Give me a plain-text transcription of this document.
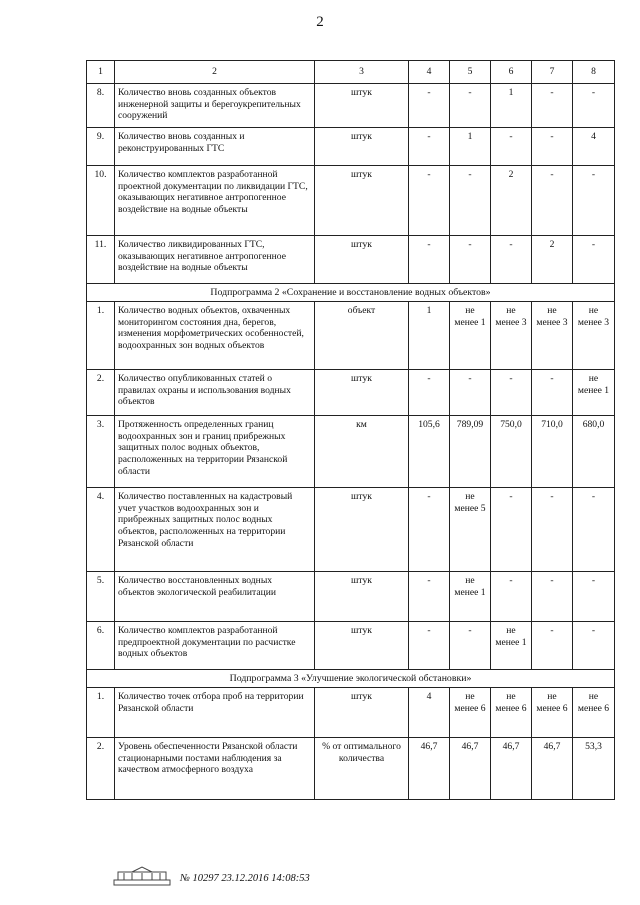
2
1	2	3	4	5	6	7	8
8.	Количество вновь созданных объектов инженерной защиты и берегоукрепительных сооружений	штук	-	-	1	-	-
9.	Количество вновь созданных и реконструированных ГТС	штук	-	1	-	-	4
10.	Количество комплектов разработанной проектной документации по ликвидации ГТС, оказывающих негативное антропогенное воздействие на водные объекты	штук	-	-	2	-	-
11.	Количество ликвидированных ГТС, оказывающих негативное антропогенное воздействие на водные объекты	штук	-	-	-	2	-
Подпрограмма 2 «Сохранение и восстановление водных объектов»							
1.	Количество водных объектов, охваченных мониторингом состояния дна, берегов, изменения морфометрических особенностей, водоохранных зон водных объектов	объект	1	не менее 1	не менее 3	не менее 3	не менее 3
2.	Количество опубликованных статей о правилах охраны и использования водных объектов	штук	-	-	-	-	не менее 1
3.	Протяженность определенных границ водоохранных зон и границ прибрежных защитных полос водных объектов, расположенных на территории Рязанской области	км	105,6	789,09	750,0	710,0	680,0
4.	Количество поставленных на кадастровый учет участков водоохранных зон и прибрежных защитных полос водных объектов, расположенных на территории Рязанской области	штук	-	не менее 5	-	-	-
5.	Количество восстановленных водных объектов экологической реабилитации	штук	-	не менее 1	-	-	-
6.	Количество комплектов разработанной предпроектной документации по расчистке водных объектов	штук	-	-	не менее 1	-	-
Подпрограмма 3 «Улучшение экологической обстановки»							
1.	Количество точек отбора проб на территории Рязанской области	штук	4	не менее 6	не менее 6	не менее 6	не менее 6
2.	Уровень обеспеченности Рязанской области стационарными постами наблюдения за качеством атмосферного воздуха	% от оптимального количества	46,7	46,7	46,7	46,7	53,3
№ 10297 23.12.2016 14:08:53
